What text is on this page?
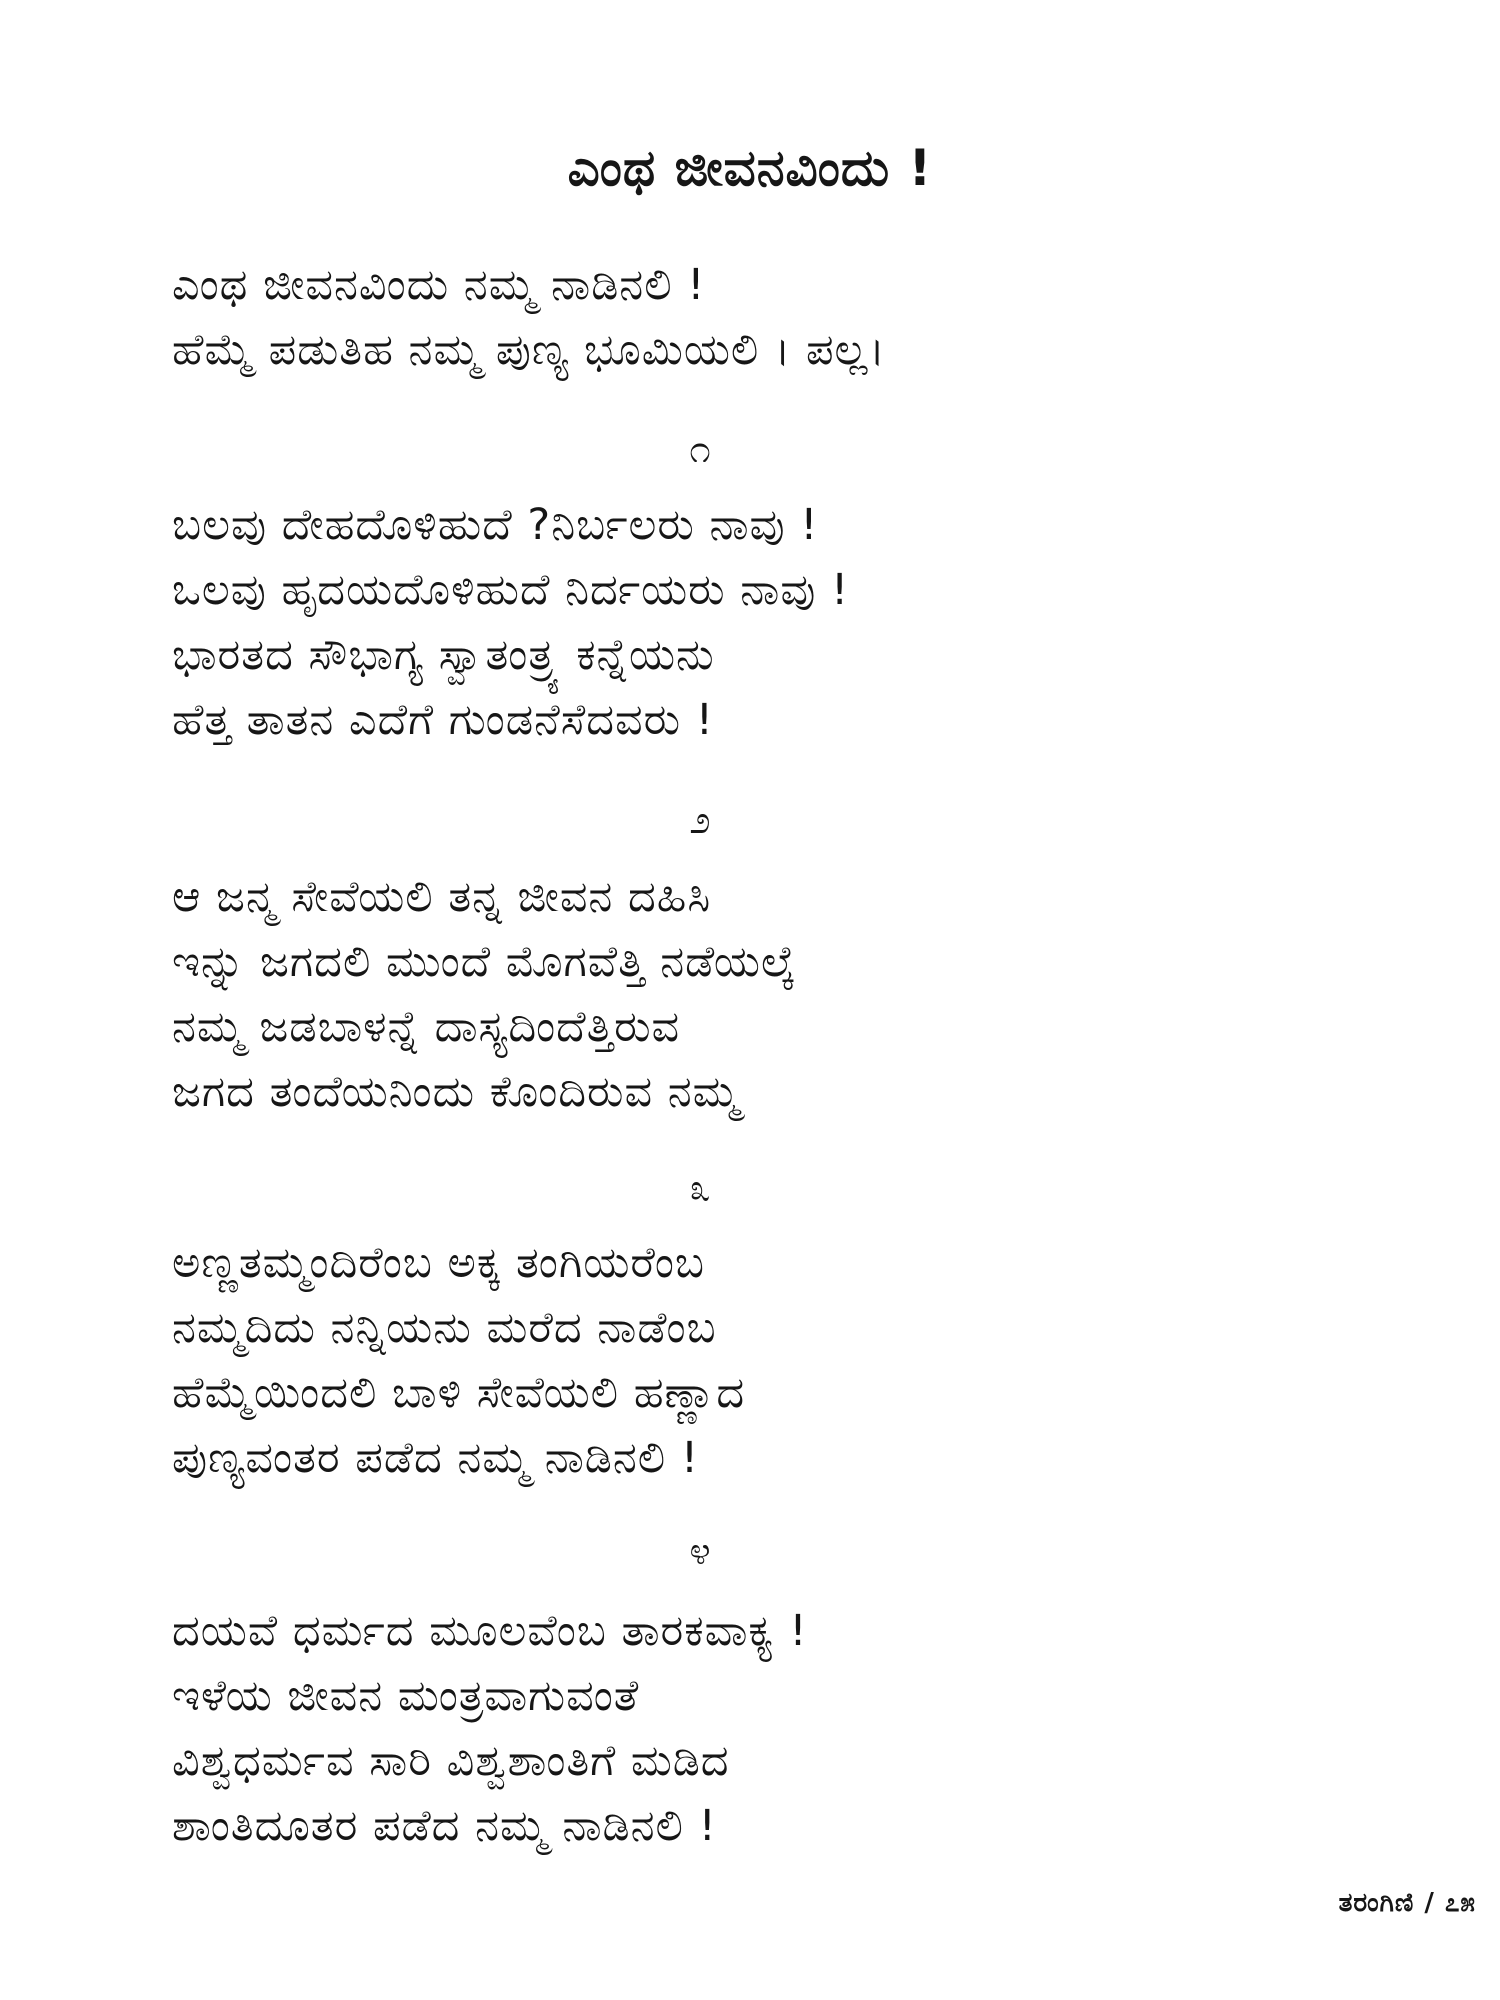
ಎಂಥ ಜೀವನವಿಂದು !
ಎಂಥ ಜೀವನವಿಂದು ನಮ್ಮ ನಾಡಿನಲಿ !
ಹೆಮ್ಮೆ ಪಡುತಿಹ ನಮ್ಮ ಪುಣ್ಯ ಭೂಮಿಯಲಿ । ಪಲ್ಲ।
೧
ಬಲವು ದೇಹದೊಳಿಹುದೆ ?ನಿರ್ಬಲರು ನಾವು !
ಒಲವು ಹೃದಯದೊಳಿಹುದೆ ನಿರ್ದಯರು ನಾವು !
ಭಾರತದ ಸೌಭಾಗ್ಯ ಸ್ವಾತಂತ್ರ್ಯ ಕನ್ನೆಯನು
ಹೆತ್ತ ತಾತನ ಎದೆಗೆ ಗುಂಡನೆಸೆದವರು !
೨
ಆ ಜನ್ಮ ಸೇವೆಯಲಿ ತನ್ನ ಜೀವನ ದಹಿಸಿ
ಇನ್ನು ಜಗದಲಿ ಮುಂದೆ ಮೊಗವೆತ್ತಿ ನಡೆಯಲ್ಕೆ
ನಮ್ಮ ಜಡಬಾಳನ್ನೆ ದಾಸ್ಯದಿಂದೆತ್ತಿರುವ
ಜಗದ ತಂದೆಯನಿಂದು ಕೊಂದಿರುವ ನಮ್ಮ
೩
ಅಣ್ಣತಮ್ಮಂದಿರೆಂಬ ಅಕ್ಕ ತಂಗಿಯರೆಂಬ
ನಮ್ಮದಿದು ನನ್ನಿಯನು ಮರೆದ ನಾಡೆಂಬ
ಹೆಮ್ಮೆಯಿಂದಲಿ ಬಾಳಿ ಸೇವೆಯಲಿ ಹಣ್ಣಾದ
ಪುಣ್ಯವಂತರ ಪಡೆದ ನಮ್ಮ ನಾಡಿನಲಿ !
೪
ದಯವೆ ಧರ್ಮದ ಮೂಲವೆಂಬ ತಾರಕವಾಕ್ಯ !
ಇಳೆಯ ಜೀವನ ಮಂತ್ರವಾಗುವಂತೆ
ವಿಶ್ವಧರ್ಮವ ಸಾರಿ ವಿಶ್ವಶಾಂತಿಗೆ ಮಡಿದ
ಶಾಂತಿದೂತರ ಪಡೆದ ನಮ್ಮ ನಾಡಿನಲಿ !
ತರಂಗಿಣಿ / ೭೫
